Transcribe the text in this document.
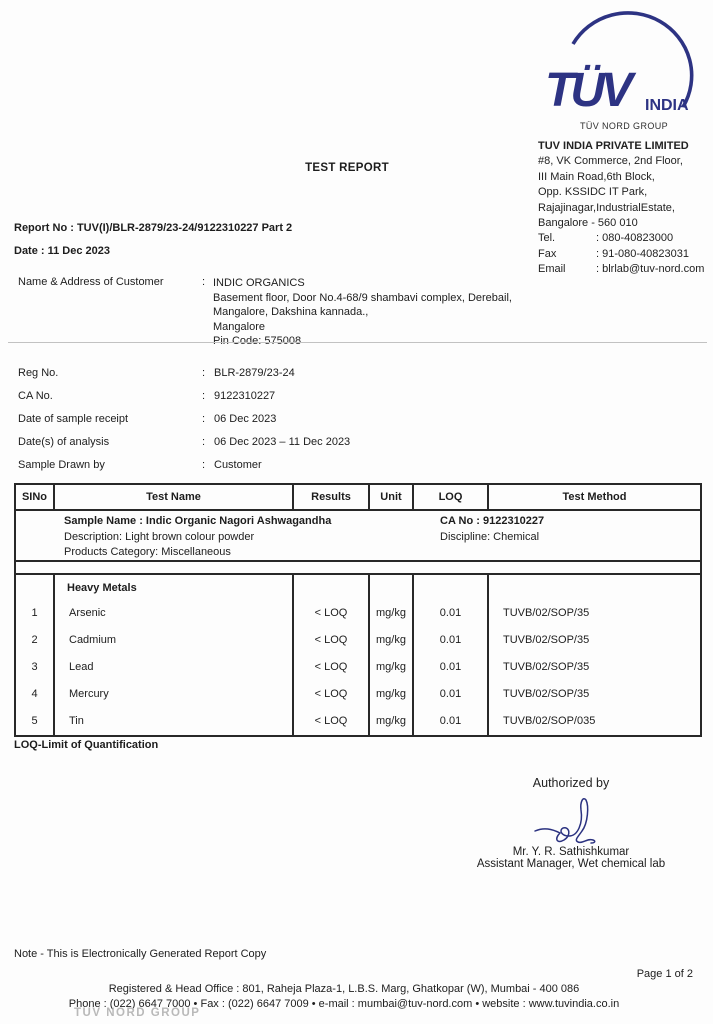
TÜV	INDIA
TÜV NORD GROUP
TUV INDIA PRIVATE LIMITED
#8, VK Commerce, 2nd Floor,
III Main Road,6th Block,
Opp. KSSIDC IT Park,
Rajajinagar,IndustrialEstate,
Bangalore - 560 010
Tel.	: 080-40823000
Fax	: 91-080-40823031
Email	: blrlab@tuv-nord.com
TEST REPORT
Report No : TUV(I)/BLR-2879/23-24/9122310227 Part 2
Date : 11 Dec 2023
Name & Address of Customer	: INDIC ORGANICS
Basement floor, Door No.4-68/9 shambavi complex, Derebail,
Mangalore, Dakshina kannada.,
Mangalore
Reg No.	: BLR-2879/23-24
CA No.	: 9122310227
Date of sample receipt	: 06 Dec 2023
Date(s) of analysis	: 06 Dec 2023 – 11 Dec 2023
Sample Drawn by	: Customer
SINo	Test Name	Results	Unit	LOQ	Test Method
Sample Name : Indic Organic Nagori Ashwagandha
Description: Light brown colour powder
Products Category: Miscellaneous
CA No : 9122310227
Discipline: Chemical
Heavy Metals
1	Arsenic	< LOQ	mg/kg	0.01	TUVB/02/SOP/35
2	Cadmium	< LOQ	mg/kg	0.01	TUVB/02/SOP/35
3	Lead	< LOQ	mg/kg	0.01	TUVB/02/SOP/35
4	Mercury	< LOQ	mg/kg	0.01	TUVB/02/SOP/35
5	Tin	< LOQ	mg/kg	0.01	TUVB/02/SOP/035
LOQ-Limit of Quantification
Authorized by
Mr. Y. R. Sathishkumar
Assistant Manager, Wet chemical lab
Note - This is Electronically Generated Report Copy
Page 1 of 2
Registered & Head Office : 801, Raheja Plaza-1, L.B.S. Marg, Ghatkopar (W), Mumbai - 400 086
Phone : (022) 6647 7000 • Fax : (022) 6647 7009 • e-mail : mumbai@tuv-nord.com • website : www.tuvindia.co.in
TUV NORD GROUP
